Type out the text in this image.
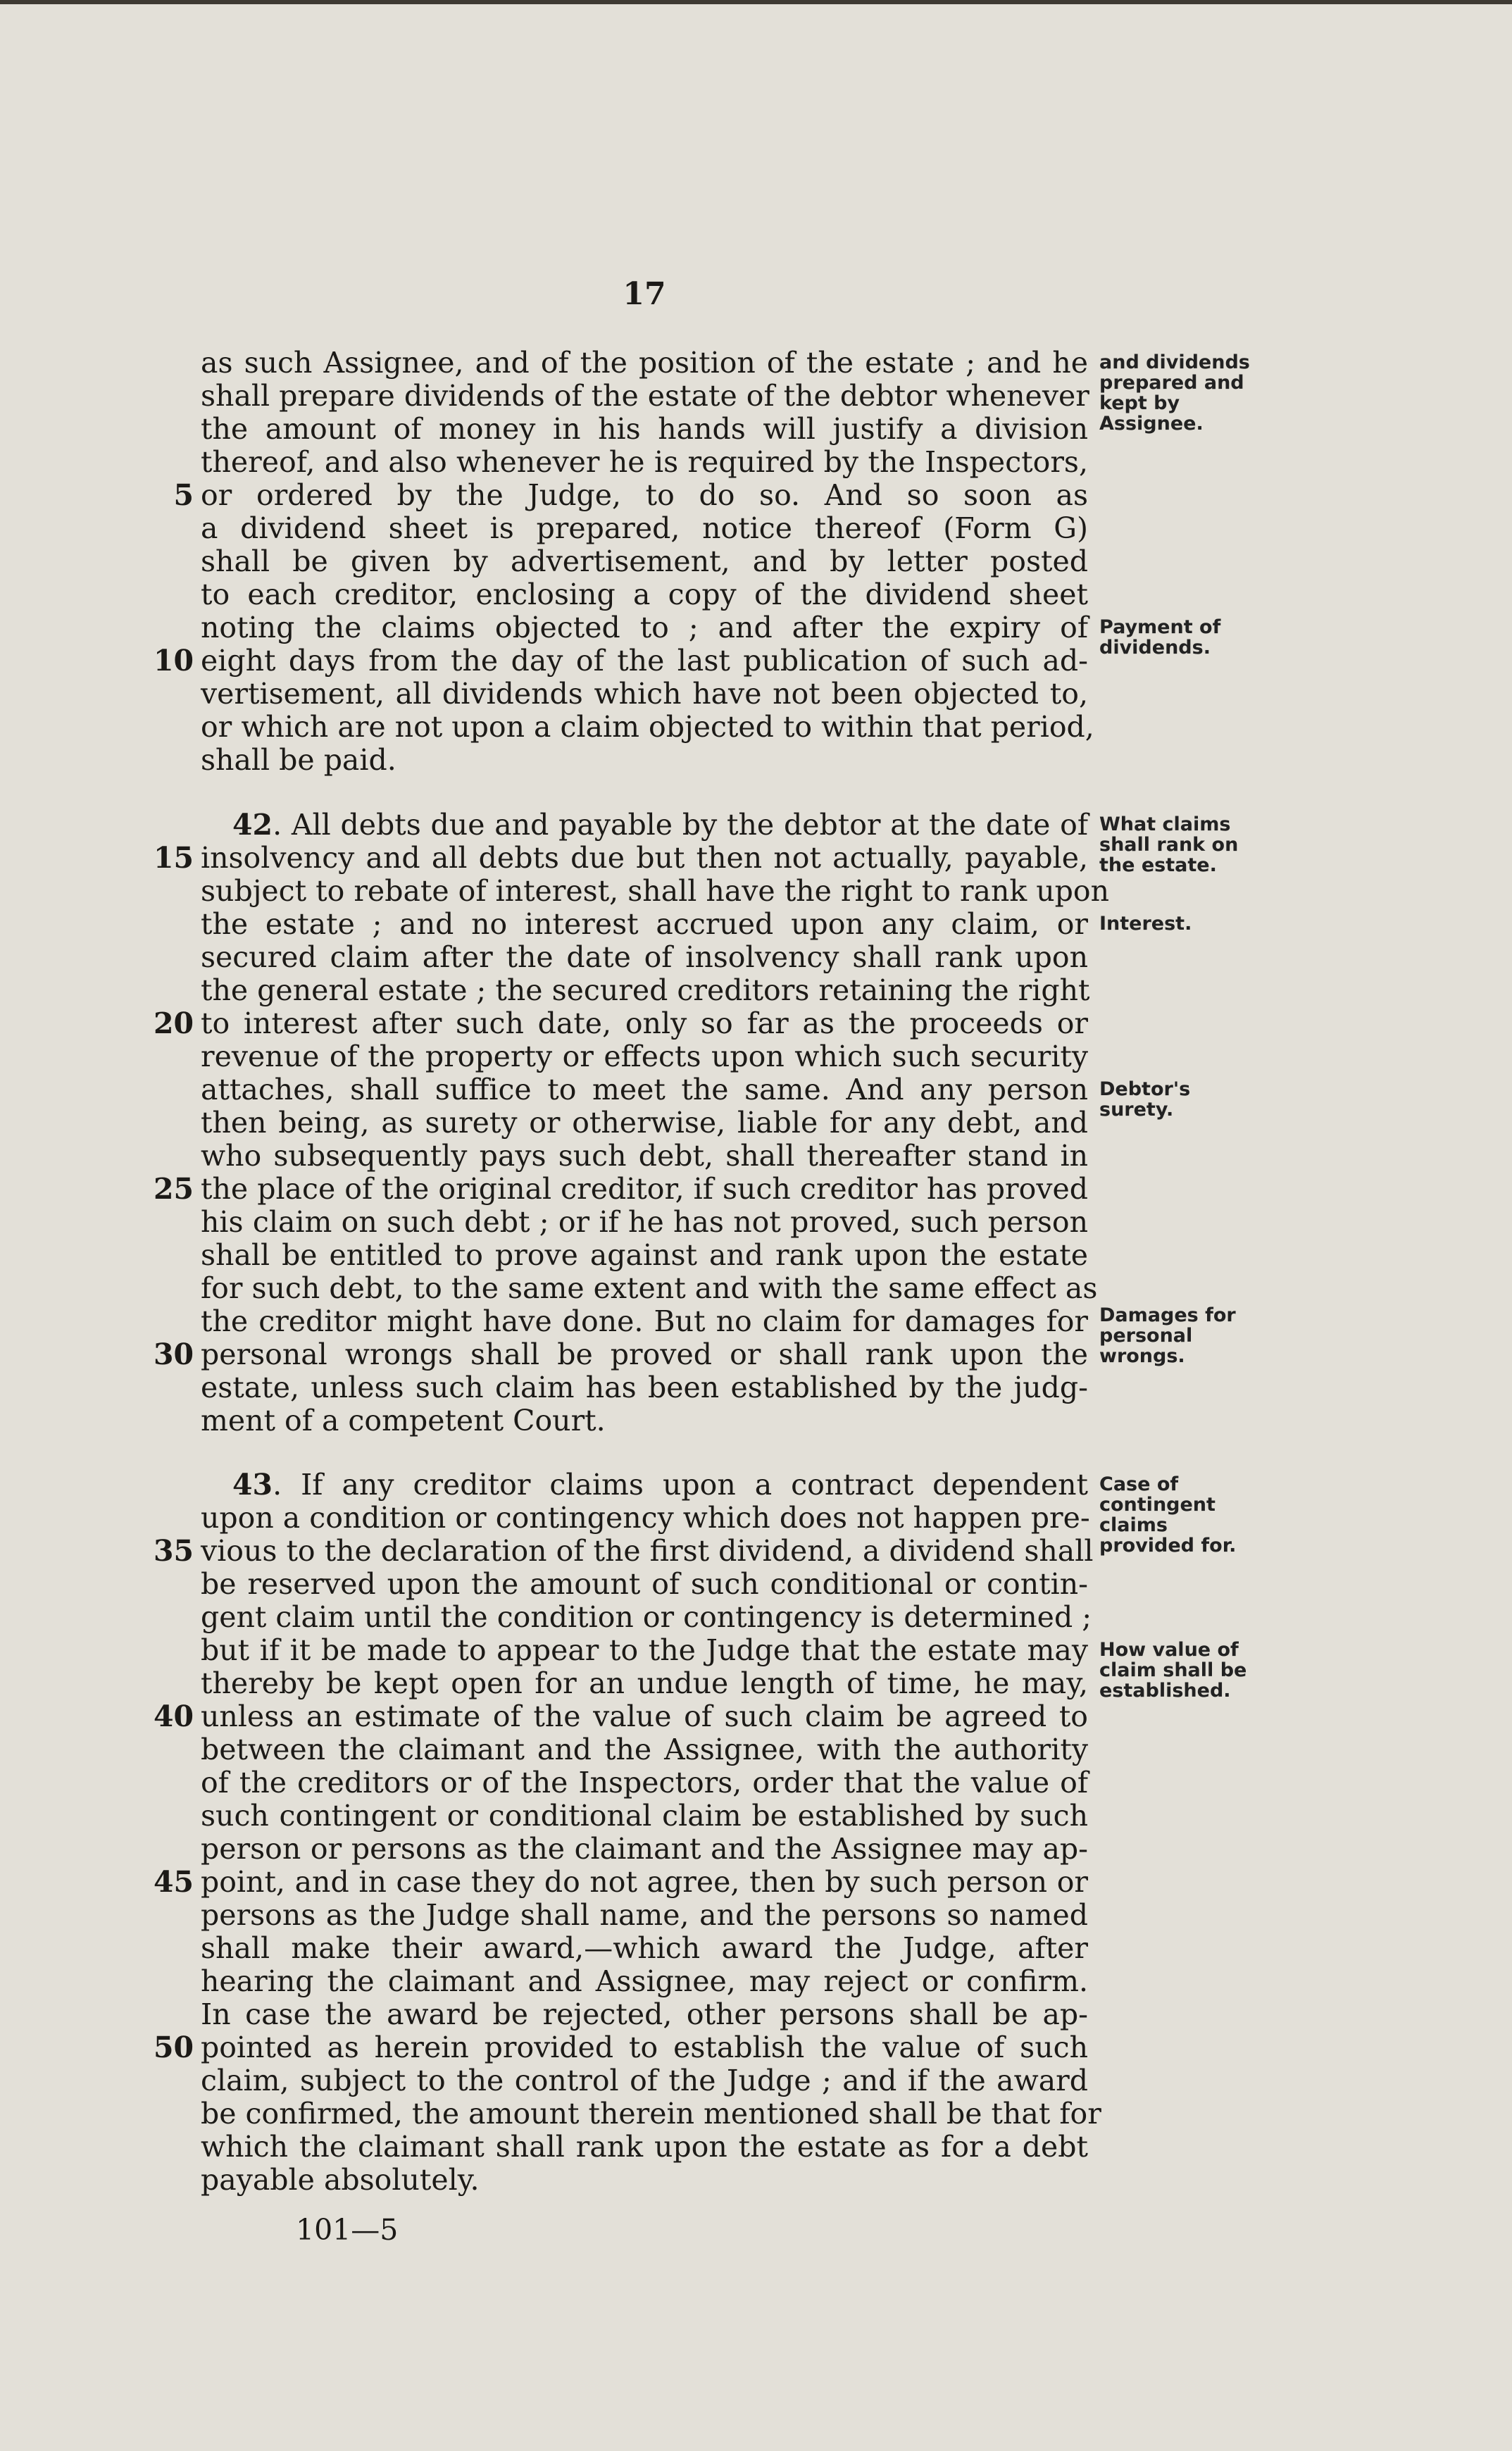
17
as such Assignee, and of the position of the estate ; and he
shall prepare dividends of the estate of the debtor whenever
the amount of money in his hands will justify a division
thereof, and also whenever he is required by the Inspectors,
or ordered by the Judge, to do so. And so soon as
a dividend sheet is prepared, notice thereof (Form G)
shall be given by advertisement, and by letter posted
to each creditor, enclosing a copy of the dividend sheet
noting the claims objected to ; and after the expiry of
eight days from the day of the last publication of such ad-
vertisement, all dividends which have not been objected to,
or which are not upon a claim objected to within that period,
shall be paid.
42. All debts due and payable by the debtor at the date of
insolvency and all debts due but then not actually, payable,
subject to rebate of interest, shall have the right to rank upon
the estate ; and no interest accrued upon any claim, or
secured claim after the date of insolvency shall rank upon
the general estate ; the secured creditors retaining the right
to interest after such date, only so far as the proceeds or
revenue of the property or effects upon which such security
attaches, shall suffice to meet the same. And any person
then being, as surety or otherwise, liable for any debt, and
who subsequently pays such debt, shall thereafter stand in
the place of the original creditor, if such creditor has proved
his claim on such debt ; or if he has not proved, such person
shall be entitled to prove against and rank upon the estate
for such debt, to the same extent and with the same effect as
the creditor might have done. But no claim for damages for
personal wrongs shall be proved or shall rank upon the
estate, unless such claim has been established by the judg-
ment of a competent Court.
43. If any creditor claims upon a contract dependent
upon a condition or contingency which does not happen pre-
vious to the declaration of the first dividend, a dividend shall
be reserved upon the amount of such conditional or contin-
gent claim until the condition or contingency is determined ;
but if it be made to appear to the Judge that the estate may
thereby be kept open for an undue length of time, he may,
unless an estimate of the value of such claim be agreed to
between the claimant and the Assignee, with the authority
of the creditors or of the Inspectors, order that the value of
such contingent or conditional claim be established by such
person or persons as the claimant and the Assignee may ap-
point, and in case they do not agree, then by such person or
persons as the Judge shall name, and the persons so named
shall make their award,—which award the Judge, after
hearing the claimant and Assignee, may reject or confirm.
In case the award be rejected, other persons shall be ap-
pointed as herein provided to establish the value of such
claim, subject to the control of the Judge ; and if the award
be confirmed, the amount therein mentioned shall be that for
which the claimant shall rank upon the estate as for a debt
payable absolutely.
5
10
15
20
25
30
35
40
45
50
and dividends prepared and kept by Assignee.
Payment of dividends.
What claims shall rank on the estate.
Interest.
Debtor's surety.
Damages for personal wrongs.
Case of contingent claims provided for.
How value of claim shall be established.
101—5
